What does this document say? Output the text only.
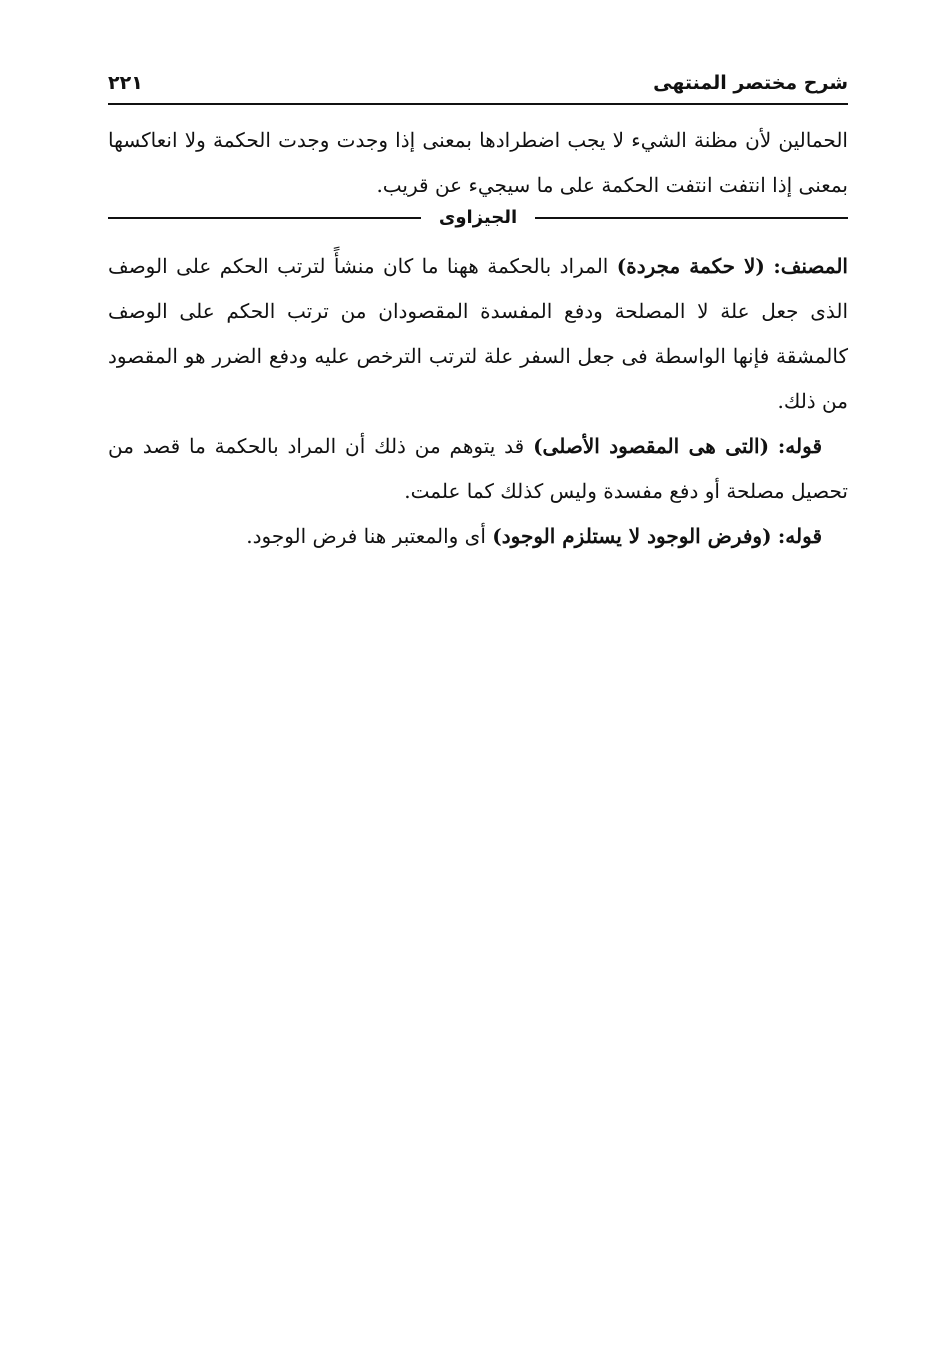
شرح مختصر المنتهى
٢٢١

الحمالين لأن مظنة الشيء لا يجب اضطرادها بمعنى إذا وجدت وجدت الحكمة ولا انعاكسها بمعنى إذا انتفت انتفت الحكمة على ما سيجيء عن قريب.

الجيزاوى

المصنف: (لا حكمة مجردة) المراد بالحكمة ههنا ما كان منشأً لترتب الحكم على الوصف الذى جعل علة لا المصلحة ودفع المفسدة المقصودان من ترتب الحكم على الوصف كالمشقة فإنها الواسطة فى جعل السفر علة لترتب الترخص عليه ودفع الضرر هو المقصود من ذلك.

قوله: (التى هى المقصود الأصلى) قد يتوهم من ذلك أن المراد بالحكمة ما قصد من تحصيل مصلحة أو دفع مفسدة وليس كذلك كما علمت.

قوله: (وفرض الوجود لا يستلزم الوجود) أى والمعتبر هنا فرض الوجود.
